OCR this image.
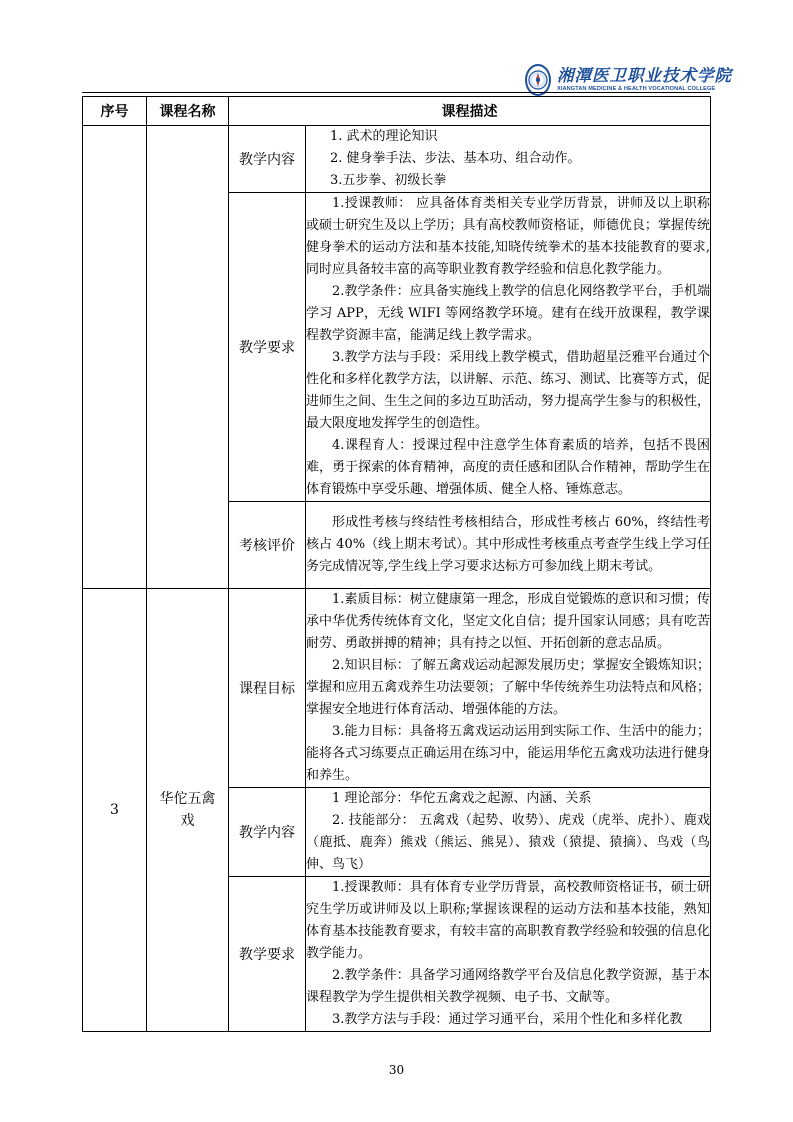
湘潭医卫职业技术学院
XIANGTAN MEDICINE & HEALTH VOCATIONAL COLLEGE
序号	课程名称	课程描述	
		教学内容	1. 武术的理论知识

2. 健身拳手法、步法、基本功、组合动作。

3.五步拳、初级长拳

		教学要求	1.授课教师： 应具备体育类相关专业学历背景，讲师及以上职称或硕士研究生及以上学历；具有高校教师资格证，师德优良；掌握传统健身拳术的运动方法和基本技能,知晓传统拳术的基本技能教育的要求,同时应具备较丰富的高等职业教育教学经验和信息化教学能力。

2.教学条件：应具备实施线上教学的信息化网络教学平台，手机端学习 APP，无线 WIFI 等网络教学环境。建有在线开放课程，教学课程教学资源丰富，能满足线上教学需求。

3.教学方法与手段：采用线上教学模式，借助超星泛雅平台通过个性化和多样化教学方法，以讲解、示范、练习、测试、比赛等方式，促进师生之间、生生之间的多边互助活动，努力提高学生参与的积极性，最大限度地发挥学生的创造性。

4.课程育人：授课过程中注意学生体育素质的培养，包括不畏困难，勇于探索的体育精神，高度的责任感和团队合作精神，帮助学生在体育锻炼中享受乐趣、增强体质、健全人格、锤炼意志。

		考核评价	形成性考核与终结性考核相结合，形成性考核占 60%，终结性考核占 40%（线上期末考试）。其中形成性考核重点考查学生线上学习任务完成情况等,学生线上学习要求达标方可参加线上期末考试。

3	华佗五禽戏	课程目标	1.素质目标：树立健康第一理念，形成自觉锻炼的意识和习惯；传承中华优秀传统体育文化，坚定文化自信；提升国家认同感；具有吃苦耐劳、勇敢拼搏的精神；具有持之以恒、开拓创新的意志品质。

2.知识目标：了解五禽戏运动起源发展历史；掌握安全锻炼知识；掌握和应用五禽戏养生功法要领；了解中华传统养生功法特点和风格；掌握安全地进行体育活动、增强体能的方法。

3.能力目标：具备将五禽戏运动运用到实际工作、生活中的能力；能将各式习练要点正确运用在练习中，能运用华佗五禽戏功法进行健身和养生。

		教学内容	1 理论部分：华佗五禽戏之起源、内涵、关系

2. 技能部分： 五禽戏（起势、收势）、虎戏（虎举、虎扑）、鹿戏（鹿抵、鹿奔）熊戏（熊运、熊晃）、猿戏（猿提、猿摘）、鸟戏（鸟伸、鸟飞）

		教学要求	1.授课教师：具有体育专业学历背景，高校教师资格证书，硕士研究生学历或讲师及以上职称;掌握该课程的运动方法和基本技能，熟知体育基本技能教育要求，有较丰富的高职教育教学经验和较强的信息化教学能力。

2.教学条件：具备学习通网络教学平台及信息化教学资源，基于本课程教学为学生提供相关教学视频、电子书、文献等。

3.教学方法与手段：通过学习通平台，采用个性化和多样化教

30
